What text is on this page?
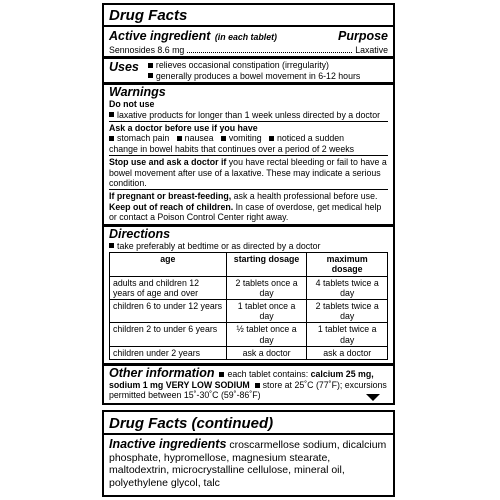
Drug Facts
Active ingredient (in each tablet)	Purpose
Sennosides 8.6 mg	Laxative
Uses	relieves occasional constipation (irregularity)
generally produces a bowel movement in 6-12 hours
Warnings
Do not use
laxative products for longer than 1 week unless directed by a doctor
Ask a doctor before use if you have
stomach pain nausea vomiting noticed a sudden
change in bowel habits that continues over a period of 2 weeks
Stop use and ask a doctor if you have rectal bleeding or fail to have a bowel movement after use of a laxative. These may indicate a serious condition.
If pregnant or breast-feeding, ask a health professional before use.
Keep out of reach of children. In case of overdose, get medical help or contact a Poison Control Center right away.
Directions
take preferably at bedtime or as directed by a doctor
age	starting dosage	maximum dosage
adults and children 12 years of age and over	2 tablets once a day	4 tablets twice a day
children 6 to under 12 years	1 tablet once a day	2 tablets twice a day
children 2 to under 6 years	½ tablet once a day	1 tablet twice a day
children under 2 years	ask a doctor	ask a doctor
Other information each tablet contains: calcium 25 mg, sodium 1 mg VERY LOW SODIUM store at 25˚C (77˚F); excursions permitted between 15˚-30˚C (59˚-86˚F)
Drug Facts (continued)
Inactive ingredients croscarmellose sodium, dicalcium phosphate, hypromellose, magnesium stearate, maltodextrin, microcrystalline cellulose, mineral oil, polyethylene glycol, talc
